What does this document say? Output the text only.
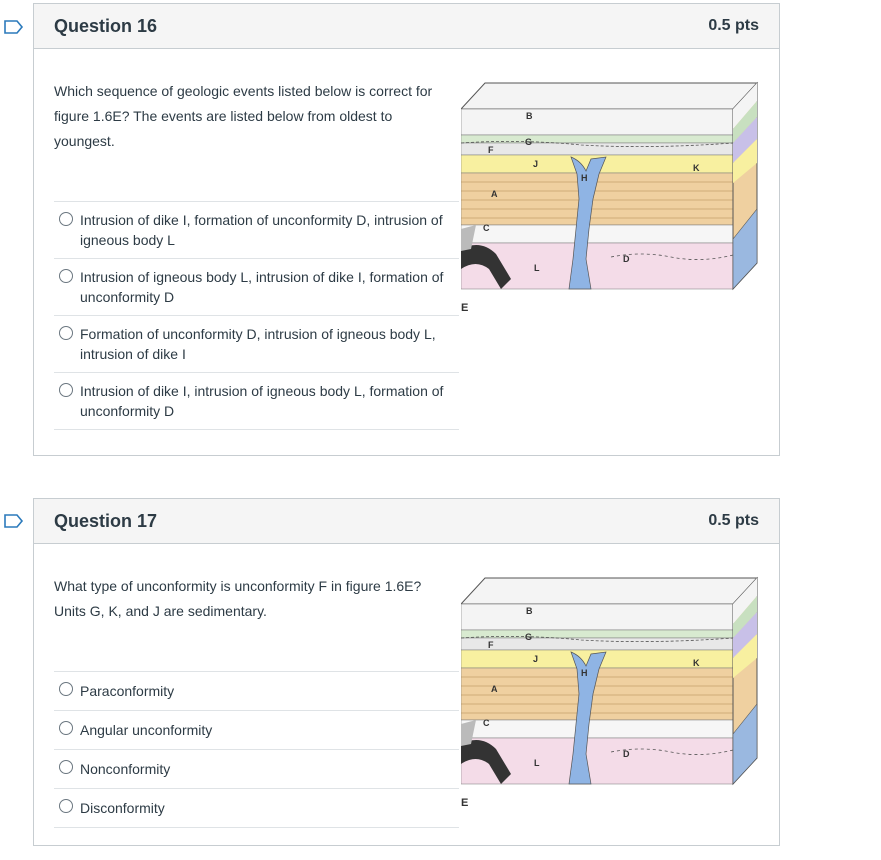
Question 16	0.5 pts
Which sequence of geologic events listed below is correct for figure 1.6E? The events are listed below from oldest to youngest.
Intrusion of dike I, formation of unconformity D, intrusion of igneous body L
Intrusion of igneous body L, intrusion of dike I, formation of unconformity D
Formation of unconformity D, intrusion of igneous body L, intrusion of dike I
Intrusion of dike I, intrusion of igneous body L, formation of unconformity D
B
G
F
J
H
K
A
C
E
L
D
E
Question 17	0.5 pts
What type of unconformity is unconformity F in figure 1.6E? Units G, K, and J are sedimentary.
Paraconformity
Angular unconformity
Nonconformity
Disconformity
B
G
F
J
H
K
A
C
E
L
D
E
